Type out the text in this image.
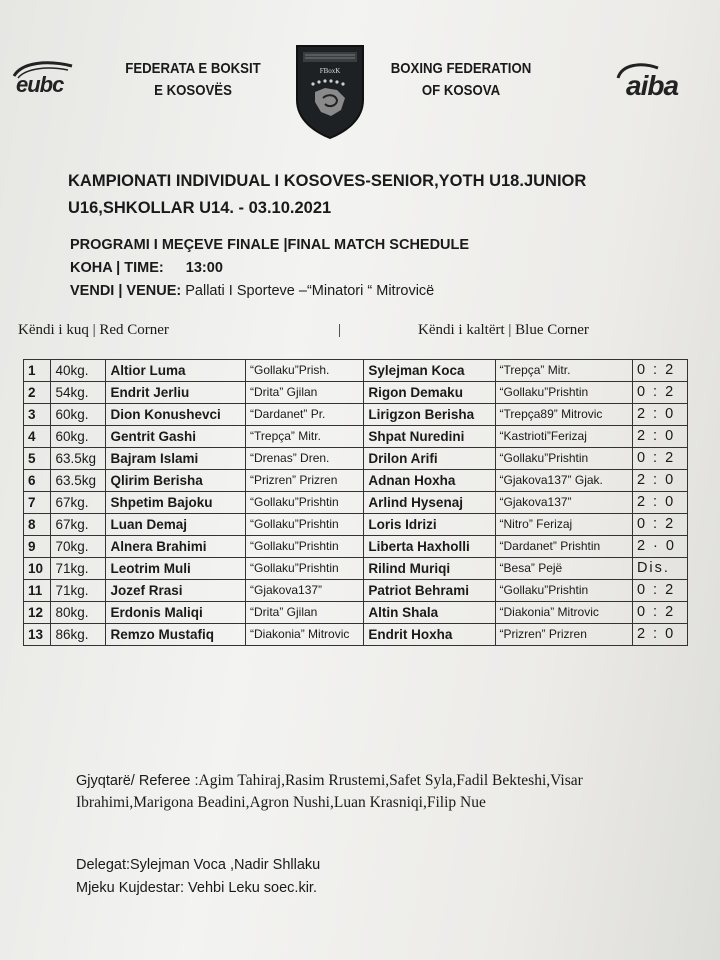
eubc
FEDERATA E BOKSIT
E KOSOVËS
FBoxK	BOXING FEDERATION
OF KOSOVA	aiba
KAMPIONATI INDIVIDUAL I KOSOVES-SENIOR,YOTH U18.JUNIOR
U16,SHKOLLAR U14. - 03.10.2021
PROGRAMI I MEÇEVE FINALE |FINAL MATCH SCHEDULE
KOHA | TIME: 13:00
VENDI | VENUE: Pallati I Sporteve –“Minatori “ Mitrovicë
Këndi i kuq | Red Corner	|	Këndi i kaltërt | Blue Corner
1	40kg.	Altior Luma	“Gollaku”Prish.	Sylejman Koca	“Trepça” Mitr.	0 : 2
2	54kg.	Endrit Jerliu	“Drita” Gjilan	Rigon Demaku	“Gollaku”Prishtin	0 : 2
3	60kg.	Dion Konushevci	“Dardanet” Pr.	Lirigzon Berisha	“Trepça89” Mitrovic	2 : 0
4	60kg.	Gentrit Gashi	“Trepça” Mitr.	Shpat Nuredini	“Kastrioti”Ferizaj	2 : 0
5	63.5kg	Bajram Islami	“Drenas” Dren.	Drilon Arifi	“Gollaku”Prishtin	0 : 2
6	63.5kg	Qlirim Berisha	“Prizren” Prizren	Adnan Hoxha	“Gjakova137” Gjak.	2 : 0
7	67kg.	Shpetim Bajoku	“Gollaku”Prishtin	Arlind Hysenaj	“Gjakova137”	2 : 0
8	67kg.	Luan Demaj	“Gollaku”Prishtin	Loris Idrizi	“Nitro” Ferizaj	0 : 2
9	70kg.	Alnera Brahimi	“Gollaku”Prishtin	Liberta Haxholli	“Dardanet” Prishtin	2 · 0
10	71kg.	Leotrim Muli	“Gollaku”Prishtin	Rilind Muriqi	“Besa” Pejë	Dis.
11	71kg.	Jozef Rrasi	“Gjakova137”	Patriot Behrami	“Gollaku”Prishtin	0 : 2
12	80kg.	Erdonis Maliqi	“Drita” Gjilan	Altin Shala	“Diakonia” Mitrovic	0 : 2
13	86kg.	Remzo Mustafiq	“Diakonia” Mitrovic	Endrit Hoxha	“Prizren” Prizren	2 : 0
Gjyqtarë/ Referee :Agim Tahiraj,Rasim Rrustemi,Safet Syla,Fadil Bekteshi,Visar Ibrahimi,Marigona Beadini,Agron Nushi,Luan Krasniqi,Filip Nue
Delegat:Sylejman Voca ,Nadir Shllaku
Mjeku Kujdestar: Vehbi Leku soec.kir.
